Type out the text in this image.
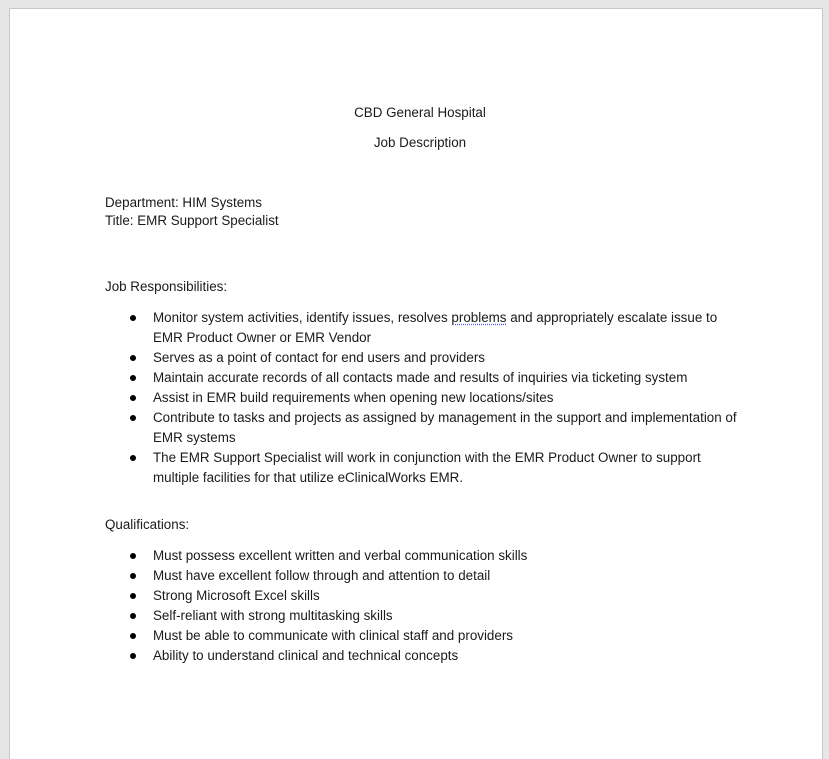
CBD General Hospital

Job Description

Department: HIM Systems

Title: EMR Support Specialist

Job Responsibilities:

Monitor system activities, identify issues, resolves problems and appropriately escalate issue to EMR Product Owner or EMR Vendor
Serves as a point of contact for end users and providers
Maintain accurate records of all contacts made and results of inquiries via ticketing system
Assist in EMR build requirements when opening new locations/sites
Contribute to tasks and projects as assigned by management in the support and implementation of EMR systems
The EMR Support Specialist will work in conjunction with the EMR Product Owner to support multiple facilities for that utilize eClinicalWorks EMR.

Qualifications:

Must possess excellent written and verbal communication skills
Must have excellent follow through and attention to detail
Strong Microsoft Excel skills
Self-reliant with strong multitasking skills
Must be able to communicate with clinical staff and providers
Ability to understand clinical and technical concepts
